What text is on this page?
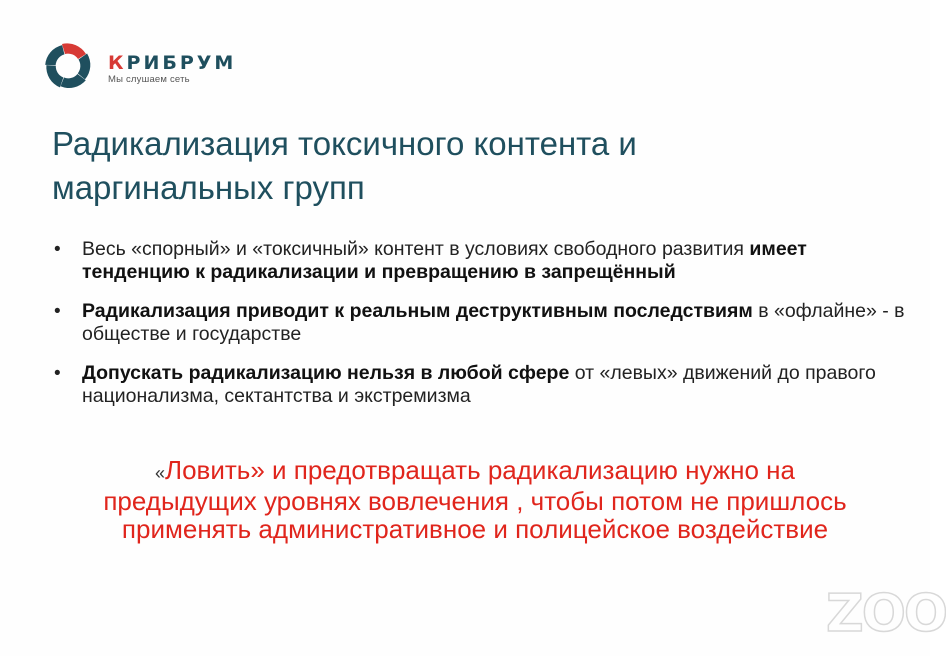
КРИБРУМ
Мы слушаем сеть
Радикализация токсичного контента и
маргинальных групп
• Весь «спорный» и «токсичный» контент в условиях свободного развития имеет тенденцию к радикализации и превращению в запрещённый
• Радикализация приводит к реальным деструктивным последствиям в «офлайне» - в обществе и государстве
• Допускать радикализацию нельзя в любой сфере от «левых» движений до правого национализма, сектантства и экстремизма
«Ловить» и предотвращать радикализацию нужно на
предыдущих уровнях вовлечения , чтобы потом не пришлось
применять административное и полицейское воздействие
ZOO
